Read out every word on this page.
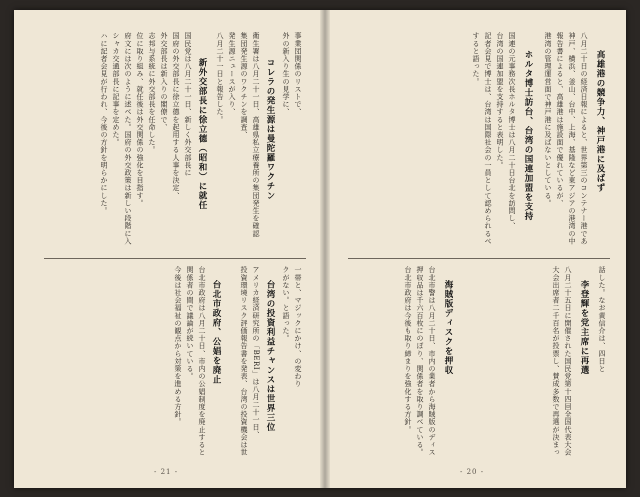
事業団関係のリストで、
外の新入り生の見学に、
コレラの発生源は曼陀羅ワクチン
衛生署は八月二十一日、高雄県私立療養所の集団発生を確認
集団発生源のワクチンを調査、
発生源ニュースが入り、
八月二十一日と報告した。
新外交部長に徐立德（昭和）に就任
国民党は八月二十一日、新しく外交部長に
国府の外交部長に徐立德を起用する人事を決定、
外交部長は新入りの閣僚で、
志邦与系統に外交部長を任命した。
位に取り組み、就任後は外交関係の強化を目指す。
府文には次のように述べた。国府の外交政策は新しい段階に入
シャカ交通部長に記事を定めた。
ハに記者会見が行われ、今後の方針を明らかにした。
一帯と、マジックにかけ、の変わり
クがない。と語った。
台湾の投資利益チャンスは世界三位
アメリカ経済研究所の「BERI」は八月二十一日、
投資環境リスク評価報告書を発表、台湾の投資機会は世
台北市政府、公娼を廃止
台北市政府は八月二十日、市内の公娼制度を廃止すると
関係者の間で議論が続いている。
今後は社会福祉の観点から対策を進める方針。
- 21 -
高雄港の競争力、神戸港に及ばず
八月二十日の経済日報によると、世界第三のコンテナー港であ
神戸、横浜、釜山、台中、上海、基隆など東アジアの港湾の中
報告書によると、高雄港は施設面で優れているが、
港湾の管理運営面で神戸港に及ばないとしている。
ホルタ博士訪台、台湾の国連加盟を支持
国連の元事務次長ホルタ博士は八月二十日台北を訪問し、
台湾の国連加盟を支持すると表明した。
記者会見で博士は、台湾は国際社会の一員として認められるべ
すると語った。
話した。なお黄信介は、四日と
李登輝を党主席に再選
八月二十五日に開催された国民党第十四回全国代表大会
大会出席者二千百名が投票し、賛成多数で再選が決まっ
海賊版ディスクを押収
台北市警は八月二十日、市内の業者から海賊版のディス
押収品は千六百枚にのぼり、関係者を取り調べている。
台北市政府は今後も取り締まりを強化する方針。
- 20 -
